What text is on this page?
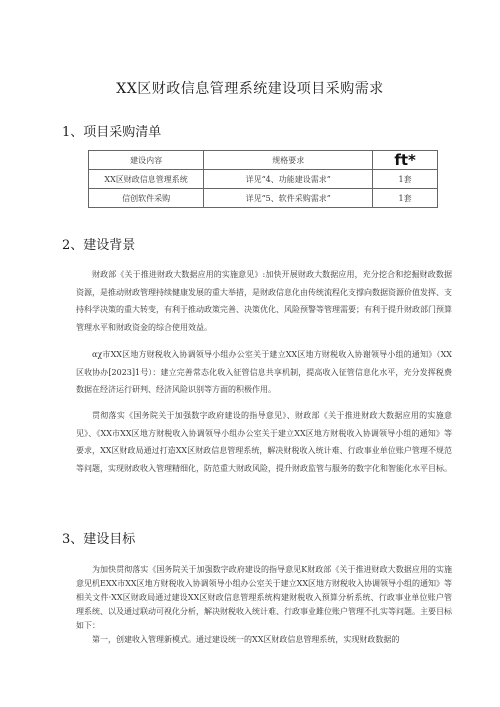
XX区财政信息管理系统建设项目采购需求
1、项目采购清单
建设内容	规格要求	ft*
XX区财政信息管理系统	详见“4、功能建设需求”	1套
信创软件采购	详见“5、软件采购需求”	1套
2、建设背景

财政部《关于推进财政大数据应用的实施意见》:加快开展财政大数据应用，充分挖合和挖掘财政数据资源，是推动财政管理持续健康发展的重大举措，是财政信息化由传统流程化支撑向数据资源价值发挥、支持科学决策的重大转变，有利于推动政策完善、决策优化、风险预警等管理需要；有利于提升财政部门预算管理水平和财政资金的综合使用效益。

αχ市XX区地方财税收入协调领导小组办公室关于建立XX区地方财税收入协谢领导小组的通知》（XX区收协办[2023]1号）：建立完善常态化收入征管信息共享机制，提高收入征管信息化水平，充分发挥税费数据在经济运行研判、经济风险识别等方面的积极作用。

贯彻落实《国务院关于加强数字政府建设的指导意见》、财政部《关于推进财政大数据应用的实施意见》、《XX市XX区地方财税收入协调领导小组办公室关于建立XX区地方财税收入协调领导小组的通知》等要求，XX区财政局通过打造XX区财政信息管理系统，解决财税收入统计难、行政事业单位账户管理不规范等问题，实现财政收入管理精细化，防范重大财政风险，提升财政监管与服务的数字化和智能化水平目标。

3、建设目标

为加快贯彻落实《国务院关于加强数字政府建设的指导意见K财政部《关于推进财政大数据应用的实施意见机EXX市XX区地方财税收入协调领导小组办公室关于建立XX区地方财税收入协调领导小组的通知》等相关文件·XX区财政局通过建设XX区财政信息管理系统构建财税收入预算分析系统、行政事业单位账户管理系统、以及通过联动可视化分析，解决财税收入统计难、行政事业雎位账户管理不扎实等问题。主要目标如下：

第一，创建收入管理新模式。通过建设统一的XX区财政信息管理系统，实现财政数据的
